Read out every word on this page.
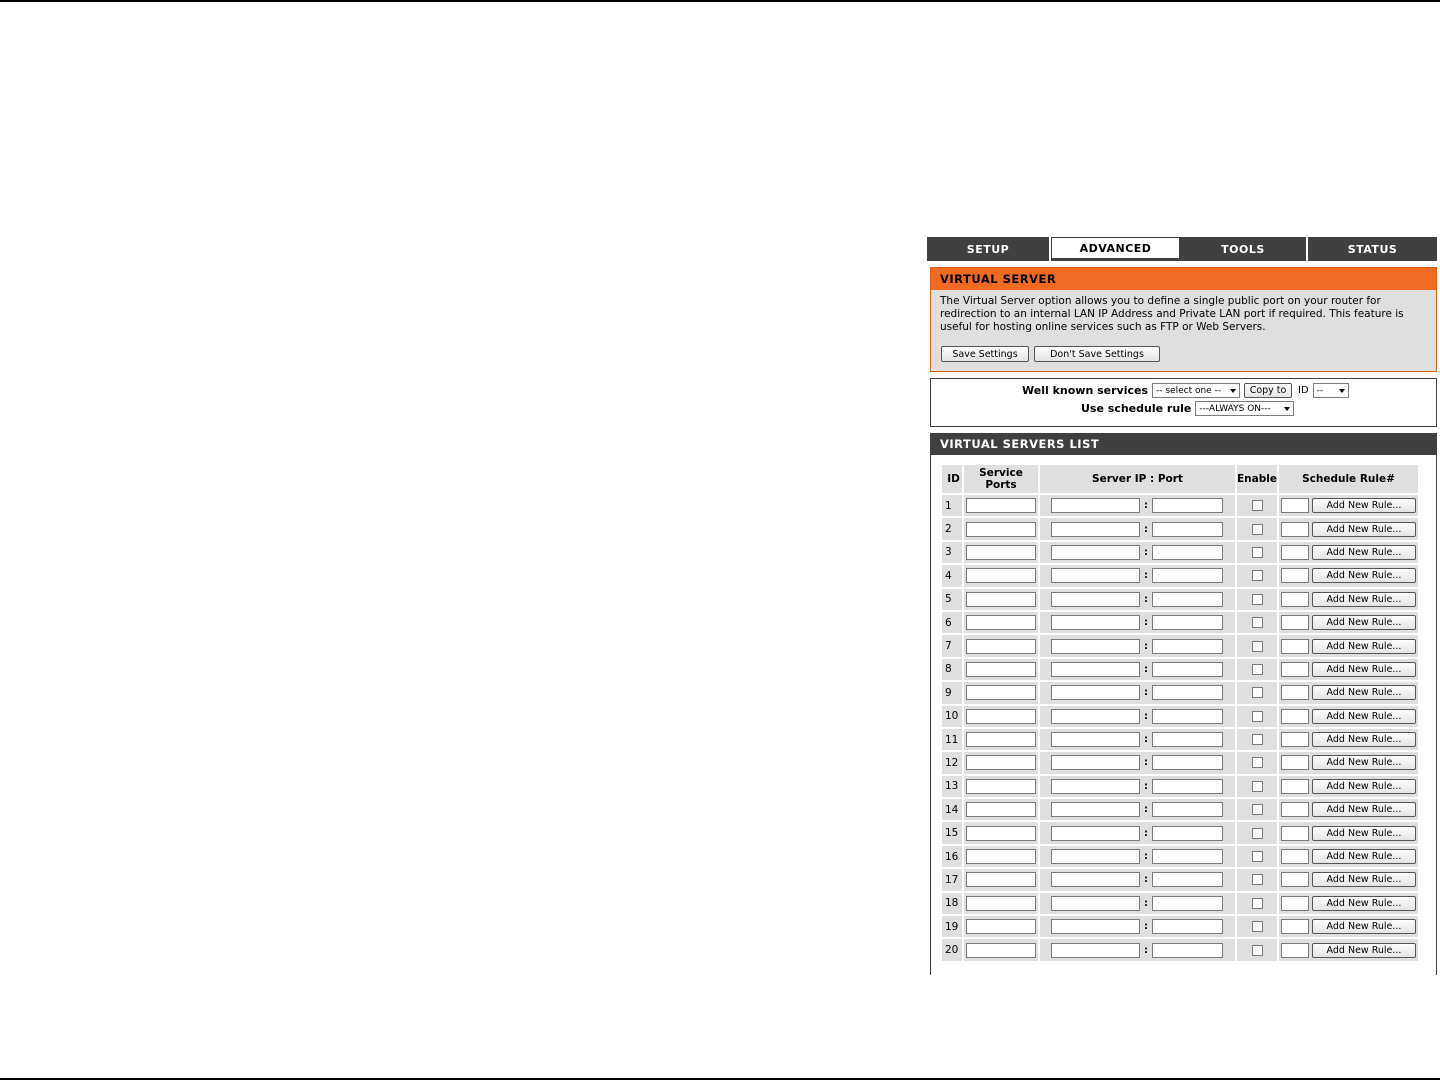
SETUP	ADVANCED	TOOLS	STATUS
VIRTUAL SERVER
The Virtual Server option allows you to define a single public port on your router for redirection to an internal LAN IP Address and Private LAN port if required. This feature is useful for hosting online services such as FTP or Web Servers.
Save Settings	Don't Save Settings
Well known services -- select one --	Copy to	ID --
Use schedule rule ---ALWAYS ON---
VIRTUAL SERVERS LIST
ID	Service Ports	Server IP : Port	Enable	Schedule Rule#
1		:		Add New Rule...

2		:		Add New Rule...

3		:		Add New Rule...

4		:		Add New Rule...

5		:		Add New Rule...

6		:		Add New Rule...

7		:		Add New Rule...

8		:		Add New Rule...

9		:		Add New Rule...

10		:		Add New Rule...

11		:		Add New Rule...

12		:		Add New Rule...

13		:		Add New Rule...

14		:		Add New Rule...

15		:		Add New Rule...

16		:		Add New Rule...

17		:		Add New Rule...

18		:		Add New Rule...

19		:		Add New Rule...

20		:		Add New Rule...
